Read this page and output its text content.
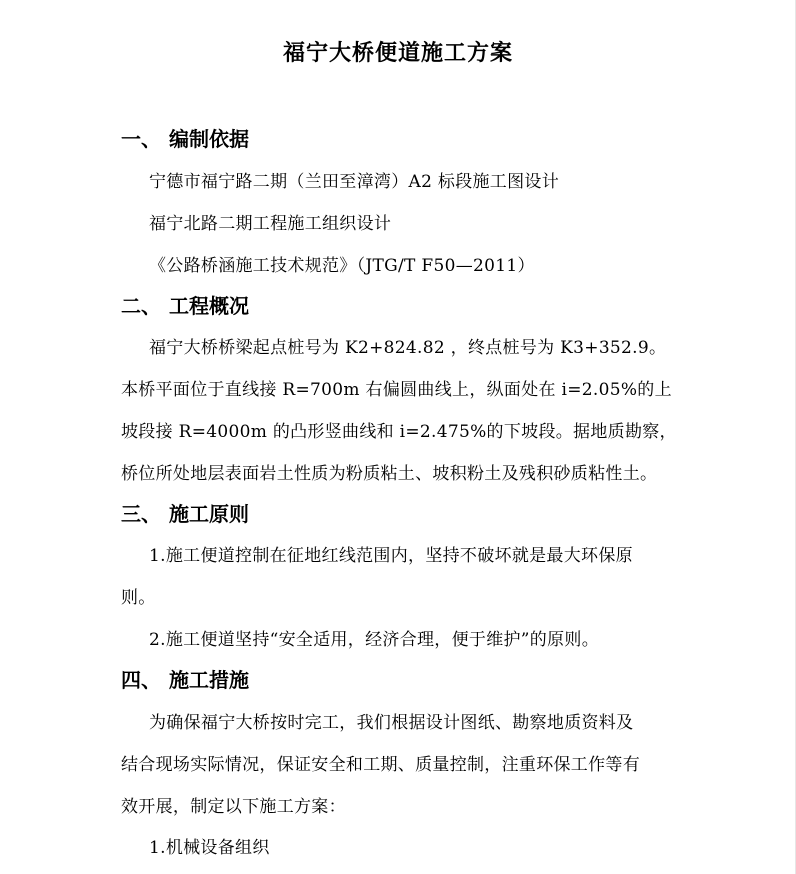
福宁大桥便道施工方案
一、 编制依据
宁德市福宁路二期（兰田至漳湾）A2 标段施工图设计
福宁北路二期工程施工组织设计
《公路桥涵施工技术规范》（JTG/T F50—2011）
二、 工程概况
福宁大桥桥梁起点桩号为 K2+824.82 ，终点桩号为 K3+352.9。
本桥平面位于直线接 R=700m 右偏圆曲线上，纵面处在 i=2.05%的上
坡段接 R=4000m 的凸形竖曲线和 i=2.475%的下坡段。据地质勘察，
桥位所处地层表面岩土性质为粉质粘土、坡积粉土及残积砂质粘性土。
三、 施工原则
1.施工便道控制在征地红线范围内，坚持不破坏就是最大环保原
则。
2.施工便道坚持“安全适用，经济合理，便于维护”的原则。
四、 施工措施
为确保福宁大桥按时完工，我们根据设计图纸、勘察地质资料及
结合现场实际情况，保证安全和工期、质量控制，注重环保工作等有
效开展，制定以下施工方案：
1.机械设备组织
